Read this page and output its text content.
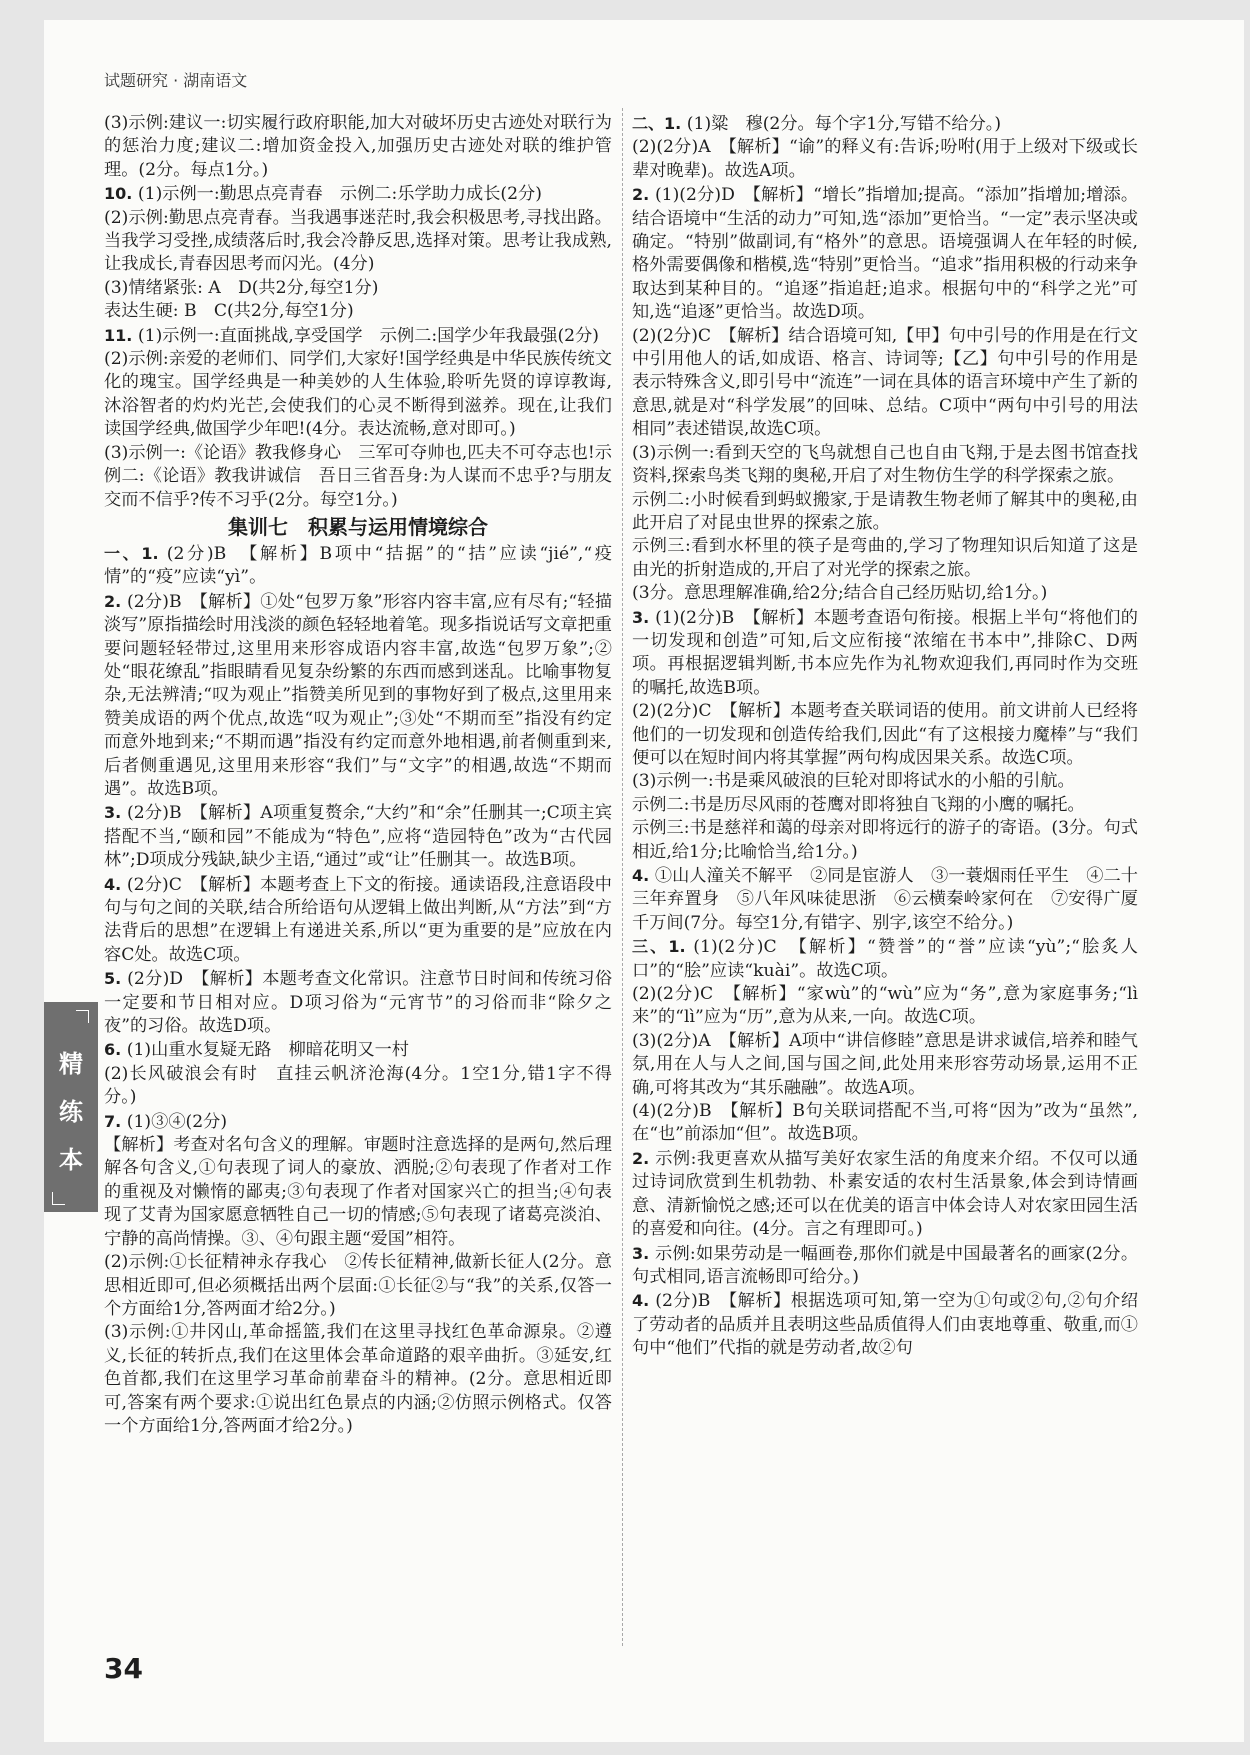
试题研究 · 湖南语文
(3)示例:建议一:切实履行政府职能,加大对破坏历史古迹处对联行为的惩治力度;建议二:增加资金投入,加强历史古迹处对联的维护管理。(2分。每点1分。)
10. (1)示例一:勤思点亮青春　示例二:乐学助力成长(2分)
(2)示例:勤思点亮青春。当我遇事迷茫时,我会积极思考,寻找出路。当我学习受挫,成绩落后时,我会冷静反思,选择对策。思考让我成熟,让我成长,青春因思考而闪光。(4分)
(3)情绪紧张: A　D(共2分,每空1分)
表达生硬: B　C(共2分,每空1分)
11. (1)示例一:直面挑战,享受国学　示例二:国学少年我最强(2分)
(2)示例:亲爱的老师们、同学们,大家好!国学经典是中华民族传统文化的瑰宝。国学经典是一种美妙的人生体验,聆听先贤的谆谆教诲,沐浴智者的灼灼光芒,会使我们的心灵不断得到滋养。现在,让我们读国学经典,做国学少年吧!(4分。表达流畅,意对即可。)
(3)示例一:《论语》教我修身心　三军可夺帅也,匹夫不可夺志也!示例二:《论语》教我讲诚信　吾日三省吾身:为人谋而不忠乎?与朋友交而不信乎?传不习乎(2分。每空1分。)
集训七　积累与运用情境综合
一、1. (2分)B　【解析】B项中“拮据”的“拮”应读“jié”,“疫情”的“疫”应读“yì”。
2. (2分)B　【解析】①处“包罗万象”形容内容丰富,应有尽有;“轻描淡写”原指描绘时用浅淡的颜色轻轻地着笔。现多指说话写文章把重要问题轻轻带过,这里用来形容成语内容丰富,故选“包罗万象”;②处“眼花缭乱”指眼睛看见复杂纷繁的东西而感到迷乱。比喻事物复杂,无法辨清;“叹为观止”指赞美所见到的事物好到了极点,这里用来赞美成语的两个优点,故选“叹为观止”;③处“不期而至”指没有约定而意外地到来;“不期而遇”指没有约定而意外地相遇,前者侧重到来,后者侧重遇见,这里用来形容“我们”与“文字”的相遇,故选“不期而遇”。故选B项。
3. (2分)B　【解析】A项重复赘余,“大约”和“余”任删其一;C项主宾搭配不当,“颐和园”不能成为“特色”,应将“造园特色”改为“古代园林”;D项成分残缺,缺少主语,“通过”或“让”任删其一。故选B项。
4. (2分)C　【解析】本题考查上下文的衔接。通读语段,注意语段中句与句之间的关联,结合所给语句从逻辑上做出判断,从“方法”到“方法背后的思想”在逻辑上有递进关系,所以“更为重要的是”应放在内容C处。故选C项。
5. (2分)D　【解析】本题考查文化常识。注意节日时间和传统习俗一定要和节日相对应。D项习俗为“元宵节”的习俗而非“除夕之夜”的习俗。故选D项。
6. (1)山重水复疑无路　柳暗花明又一村
(2)长风破浪会有时　直挂云帆济沧海(4分。1空1分,错1字不得分。)
7. (1)③④(2分)
【解析】考查对名句含义的理解。审题时注意选择的是两句,然后理解各句含义,①句表现了词人的豪放、洒脱;②句表现了作者对工作的重视及对懒惰的鄙夷;③句表现了作者对国家兴亡的担当;④句表现了艾青为国家愿意牺牲自己一切的情感;⑤句表现了诸葛亮淡泊、宁静的高尚情操。③、④句跟主题“爱国”相符。
(2)示例:①长征精神永存我心　②传长征精神,做新长征人(2分。意思相近即可,但必须概括出两个层面:①长征②与“我”的关系,仅答一个方面给1分,答两面才给2分。)
(3)示例:①井冈山,革命摇篮,我们在这里寻找红色革命源泉。②遵义,长征的转折点,我们在这里体会革命道路的艰辛曲折。③延安,红色首都,我们在这里学习革命前辈奋斗的精神。(2分。意思相近即可,答案有两个要求:①说出红色景点的内涵;②仿照示例格式。仅答一个方面给1分,答两面才给2分。)
二、1. (1)粱　穆(2分。每个字1分,写错不给分。)
(2)(2分)A　【解析】“谕”的释义有:告诉;吩咐(用于上级对下级或长辈对晚辈)。故选A项。
2. (1)(2分)D　【解析】“增长”指增加;提高。“添加”指增加;增添。结合语境中“生活的动力”可知,选“添加”更恰当。“一定”表示坚决或确定。“特别”做副词,有“格外”的意思。语境强调人在年轻的时候,格外需要偶像和楷模,选“特别”更恰当。“追求”指用积极的行动来争取达到某种目的。“追逐”指追赶;追求。根据句中的“科学之光”可知,选“追逐”更恰当。故选D项。
(2)(2分)C　【解析】结合语境可知,【甲】句中引号的作用是在行文中引用他人的话,如成语、格言、诗词等;【乙】句中引号的作用是表示特殊含义,即引号中“流连”一词在具体的语言环境中产生了新的意思,就是对“科学发展”的回味、总结。C项中“两句中引号的用法相同”表述错误,故选C项。
(3)示例一:看到天空的飞鸟就想自己也自由飞翔,于是去图书馆查找资料,探索鸟类飞翔的奥秘,开启了对生物仿生学的科学探索之旅。
示例二:小时候看到蚂蚁搬家,于是请教生物老师了解其中的奥秘,由此开启了对昆虫世界的探索之旅。
示例三:看到水杯里的筷子是弯曲的,学习了物理知识后知道了这是由光的折射造成的,开启了对光学的探索之旅。
(3分。意思理解准确,给2分;结合自己经历贴切,给1分。)
3. (1)(2分)B　【解析】本题考查语句衔接。根据上半句“将他们的一切发现和创造”可知,后文应衔接“浓缩在书本中”,排除C、D两项。再根据逻辑判断,书本应先作为礼物欢迎我们,再同时作为交班的嘱托,故选B项。
(2)(2分)C　【解析】本题考查关联词语的使用。前文讲前人已经将他们的一切发现和创造传给我们,因此“有了这根接力魔棒”与“我们便可以在短时间内将其掌握”两句构成因果关系。故选C项。
(3)示例一:书是乘风破浪的巨轮对即将试水的小船的引航。
示例二:书是历尽风雨的苍鹰对即将独自飞翔的小鹰的嘱托。
示例三:书是慈祥和蔼的母亲对即将远行的游子的寄语。(3分。句式相近,给1分;比喻恰当,给1分。)
4. ①山人潼关不解平　②同是宦游人　③一蓑烟雨任平生　④二十三年弃置身　⑤八年风味徒思浙　⑥云横秦岭家何在　⑦安得广厦千万间(7分。每空1分,有错字、别字,该空不给分。)
三、1. (1)(2分)C　【解析】“赞誉”的“誉”应读“yù”;“脍炙人口”的“脍”应读“kuài”。故选C项。
(2)(2分)C　【解析】“家wù”的“wù”应为“务”,意为家庭事务;“lì来”的“lì”应为“历”,意为从来,一向。故选C项。
(3)(2分)A　【解析】A项中“讲信修睦”意思是讲求诚信,培养和睦气氛,用在人与人之间,国与国之间,此处用来形容劳动场景,运用不正确,可将其改为“其乐融融”。故选A项。
(4)(2分)B　【解析】B句关联词搭配不当,可将“因为”改为“虽然”,在“也”前添加“但”。故选B项。
2. 示例:我更喜欢从描写美好农家生活的角度来介绍。不仅可以通过诗词欣赏到生机勃勃、朴素安适的农村生活景象,体会到诗情画意、清新愉悦之感;还可以在优美的语言中体会诗人对农家田园生活的喜爱和向往。(4分。言之有理即可。)
3. 示例:如果劳动是一幅画卷,那你们就是中国最著名的画家(2分。句式相同,语言流畅即可给分。)
4. (2分)B　【解析】根据选项可知,第一空为①句或②句,②句介绍了劳动者的品质并且表明这些品质值得人们由衷地尊重、敬重,而①句中“他们”代指的就是劳动者,故②句
精
练
本
34
